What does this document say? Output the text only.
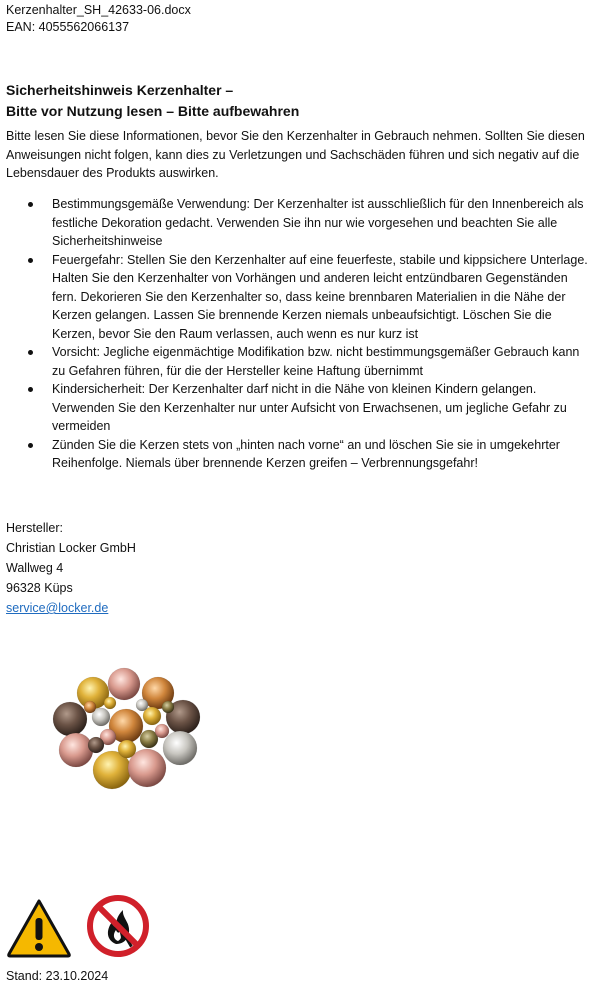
Kerzenhalter_SH_42633-06.docx
EAN: 4055562066137
Sicherheitshinweis Kerzenhalter –
Bitte vor Nutzung lesen – Bitte aufbewahren
Bitte lesen Sie diese Informationen, bevor Sie den Kerzenhalter in Gebrauch nehmen. Sollten Sie diesen Anweisungen nicht folgen, kann dies zu Verletzungen und Sachschäden führen und sich negativ auf die Lebensdauer des Produkts auswirken.
Bestimmungsgemäße Verwendung: Der Kerzenhalter ist ausschließlich für den Innenbereich als festliche Dekoration gedacht. Verwenden Sie ihn nur wie vorgesehen und beachten Sie alle Sicherheitshinweise
Feuergefahr: Stellen Sie den Kerzenhalter auf eine feuerfeste, stabile und kippsichere Unterlage. Halten Sie den Kerzenhalter von Vorhängen und anderen leicht entzündbaren Gegenständen fern. Dekorieren Sie den Kerzenhalter so, dass keine brennbaren Materialien in die Nähe der Kerzen gelangen. Lassen Sie brennende Kerzen niemals unbeaufsichtigt. Löschen Sie die Kerzen, bevor Sie den Raum verlassen, auch wenn es nur kurz ist
Vorsicht: Jegliche eigenmächtige Modifikation bzw. nicht bestimmungsgemäßer Gebrauch kann zu Gefahren führen, für die der Hersteller keine Haftung übernimmt
Kindersicherheit: Der Kerzenhalter darf nicht in die Nähe von kleinen Kindern gelangen. Verwenden Sie den Kerzenhalter nur unter Aufsicht von Erwachsenen, um jegliche Gefahr zu vermeiden
Zünden Sie die Kerzen stets von „hinten nach vorne“ an und löschen Sie sie in umgekehrter Reihenfolge. Niemals über brennende Kerzen greifen – Verbrennungsgefahr!
Hersteller:
Christian Locker GmbH
Wallweg 4
96328 Küps
service@locker.de
Stand: 23.10.2024
